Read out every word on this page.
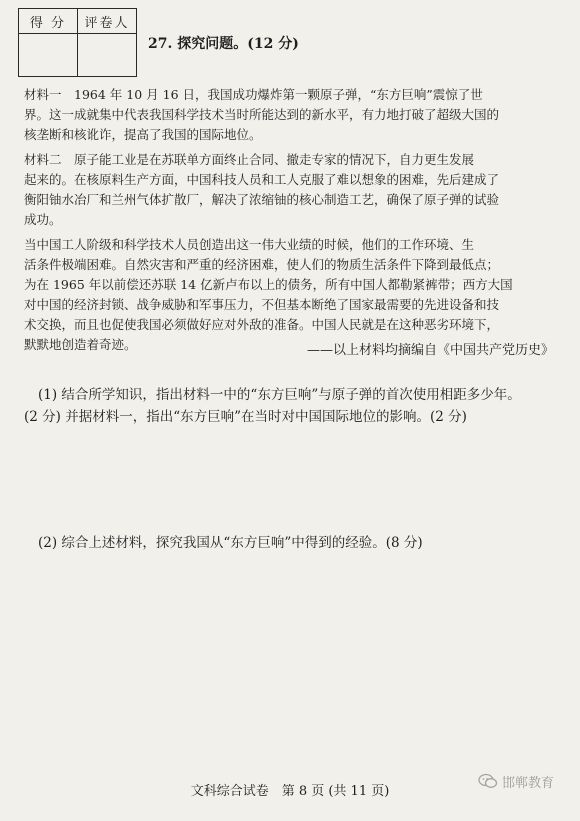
得 分	评卷人

27. 探究问题。(12 分)
材料一　1964 年 10 月 16 日，我国成功爆炸第一颗原子弹，“东方巨响”震惊了世
界。这一成就集中代表我国科学技术当时所能达到的新水平，有力地打破了超级大国的
核垄断和核讹诈，提高了我国的国际地位。
材料二　原子能工业是在苏联单方面终止合同、撤走专家的情况下，自力更生发展
起来的。在核原料生产方面，中国科技人员和工人克服了难以想象的困难，先后建成了
衡阳铀水冶厂和兰州气体扩散厂，解决了浓缩铀的核心制造工艺，确保了原子弹的试验
成功。
当中国工人阶级和科学技术人员创造出这一伟大业绩的时候，他们的工作环境、生
活条件极端困难。自然灾害和严重的经济困难，使人们的物质生活条件下降到最低点；
为在 1965 年以前偿还苏联 14 亿新卢布以上的债务，所有中国人都勒紧裤带；西方大国
对中国的经济封锁、战争威胁和军事压力，不但基本断绝了国家最需要的先进设备和技
术交换，而且也促使我国必须做好应对外敌的准备。中国人民就是在这种恶劣环境下，
默默地创造着奇迹。	——以上材料均摘编自《中国共产党历史》
(1) 结合所学知识，指出材料一中的“东方巨响”与原子弹的首次使用相距多少年。
(2 分) 并据材料一，指出“东方巨响”在当时对中国国际地位的影响。(2 分)
(2) 综合上述材料，探究我国从“东方巨响”中得到的经验。(8 分)
文科综合试卷　第 8 页 (共 11 页)
邯郸教育
